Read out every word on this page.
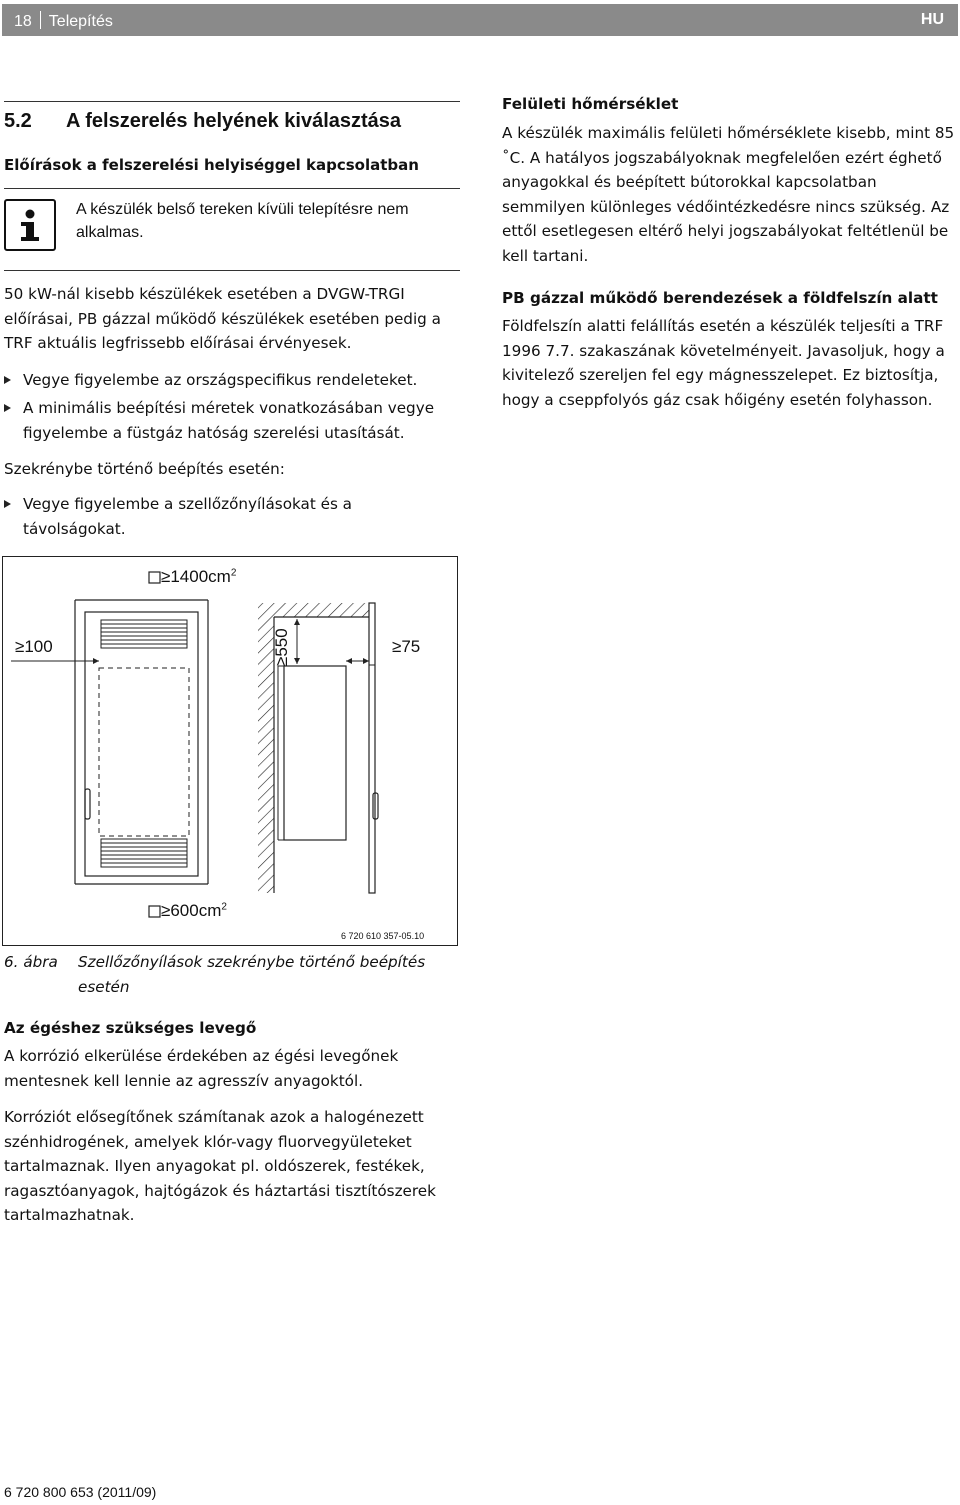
18 Telepítés	HU
5.2 A felszerelés helyének kiválasztása
Előírások a felszerelési helyiséggel kapcsolatban
A készülék belső tereken kívüli telepítésre nem alkalmas.
50 kW-nál kisebb készülékek esetében a DVGW-TRGI előírásai, PB gázzal működő készülékek esetében pedig a TRF aktuális legfrissebb előírásai érvényesek.
Vegye figyelembe az országspecifikus rendeleteket.
A minimális beépítési méretek vonatkozásában vegye figyelembe a füstgáz hatóság szerelési utasítását.
Szekrénybe történő beépítés esetén:
Vegye figyelembe a szellőzőnyílásokat és a távolságokat.
$\ge 1400cm^2$
$\ge 600cm^2$
≥100	≥75
≥550
6 720 610 357-05.10
6. ábra Szellőzőnyílások szekrénybe történő beépítés esetén
Az égéshez szükséges levegő
A korrózió elkerülése érdekében az égési levegőnek mentesnek kell lennie az agresszív anyagoktól.
Korróziót elősegítőnek számítanak azok a halogénezett szénhidrogének, amelyek klór-vagy fluorvegyületeket tartalmaznak. Ilyen anyagokat pl. oldószerek, festékek, ragasztóanyagok, hajtógázok és háztartási tisztítószerek tartalmazhatnak.
Felületi hőmérséklet
A készülék maximális felületi hőmérséklete kisebb, mint 85 ˚C. A hatályos jogszabályoknak megfelelően ezért éghető anyagokkal és beépített bútorokkal kapcsolatban semmilyen különleges védőintézkedésre nincs szükség. Az ettől esetlegesen eltérő helyi jogszabályokat feltétlenül be kell tartani.
PB gázzal működő berendezések a földfelszín alatt
Földfelszín alatti felállítás esetén a készülék teljesíti a TRF 1996 7.7. szakaszának követelményeit. Javasoljuk, hogy a kivitelező szereljen fel egy mágnesszelepet. Ez biztosítja, hogy a cseppfolyós gáz csak hőigény esetén folyhasson.
6 720 800 653 (2011/09)
